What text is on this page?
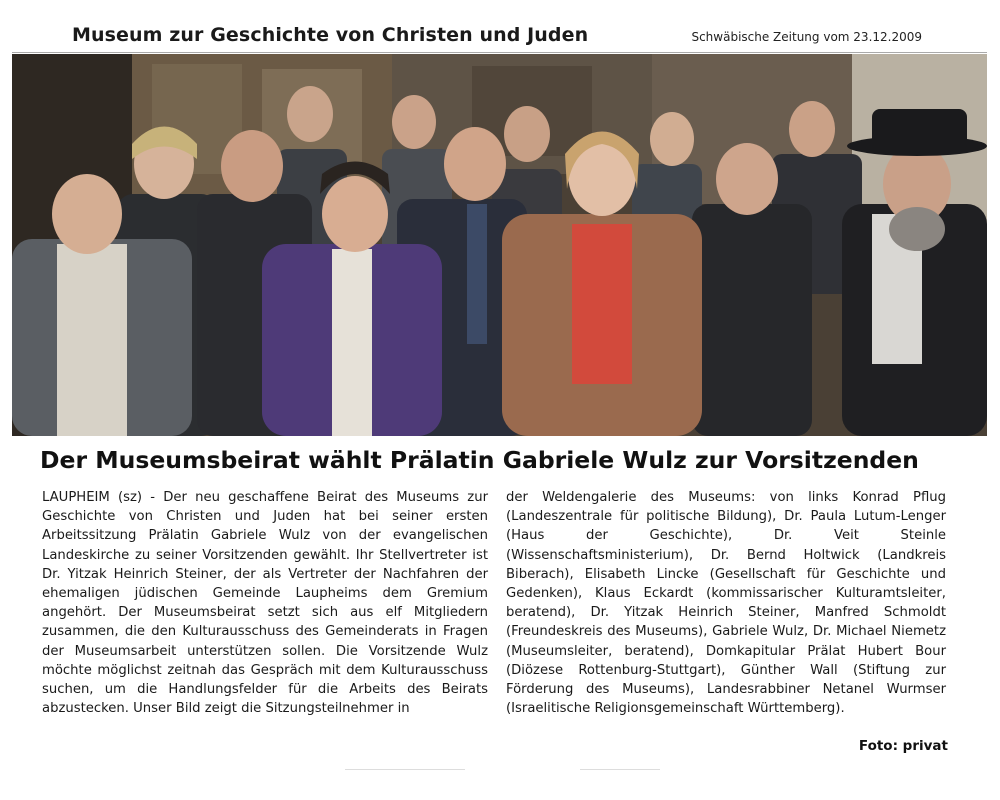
Museum zur Geschichte von Christen und Juden	Schwäbische Zeitung vom 23.12.2009
Der Museumsbeirat wählt Prälatin Gabriele Wulz zur Vorsitzenden
LAUPHEIM (sz) - Der neu geschaffene Beirat des Museums zur Geschichte von Christen und Juden hat bei seiner ersten Arbeitssitzung Prälatin Gabriele Wulz von der evangelischen Landeskirche zu seiner Vorsitzenden gewählt. Ihr Stellvertreter ist Dr. Yitzak Heinrich Steiner, der als Vertreter der Nachfahren der ehemaligen jüdischen Gemeinde Laupheims dem Gremium angehört. Der Museumsbeirat setzt sich aus elf Mitgliedern zusammen, die den Kulturausschuss des Gemeinderats in Fragen der Museumsarbeit unterstützen sollen. Die Vorsitzende Wulz möchte möglichst zeitnah das Gespräch mit dem Kulturausschuss suchen, um die Handlungsfelder für die Arbeits des Beirats abzustecken. Unser Bild zeigt die Sitzungsteilnehmer in
der Weldengalerie des Museums: von links Konrad Pflug (Landeszentrale für politische Bildung), Dr. Paula Lutum-Lenger (Haus der Geschichte), Dr. Veit Steinle (Wissenschaftsministerium), Dr. Bernd Holtwick (Landkreis Biberach), Elisabeth Lincke (Gesellschaft für Geschichte und Gedenken), Klaus Eckardt (kommissarischer Kulturamtsleiter, beratend), Dr. Yitzak Heinrich Steiner, Manfred Schmoldt (Freundeskreis des Museums), Gabriele Wulz, Dr. Michael Niemetz (Museumsleiter, beratend), Domkapitular Prälat Hubert Bour (Diözese Rottenburg-Stuttgart), Günther Wall (Stiftung zur Förderung des Museums), Landesrabbiner Netanel Wurmser (Israelitische Religionsgemeinschaft Württemberg).
Foto: privat
